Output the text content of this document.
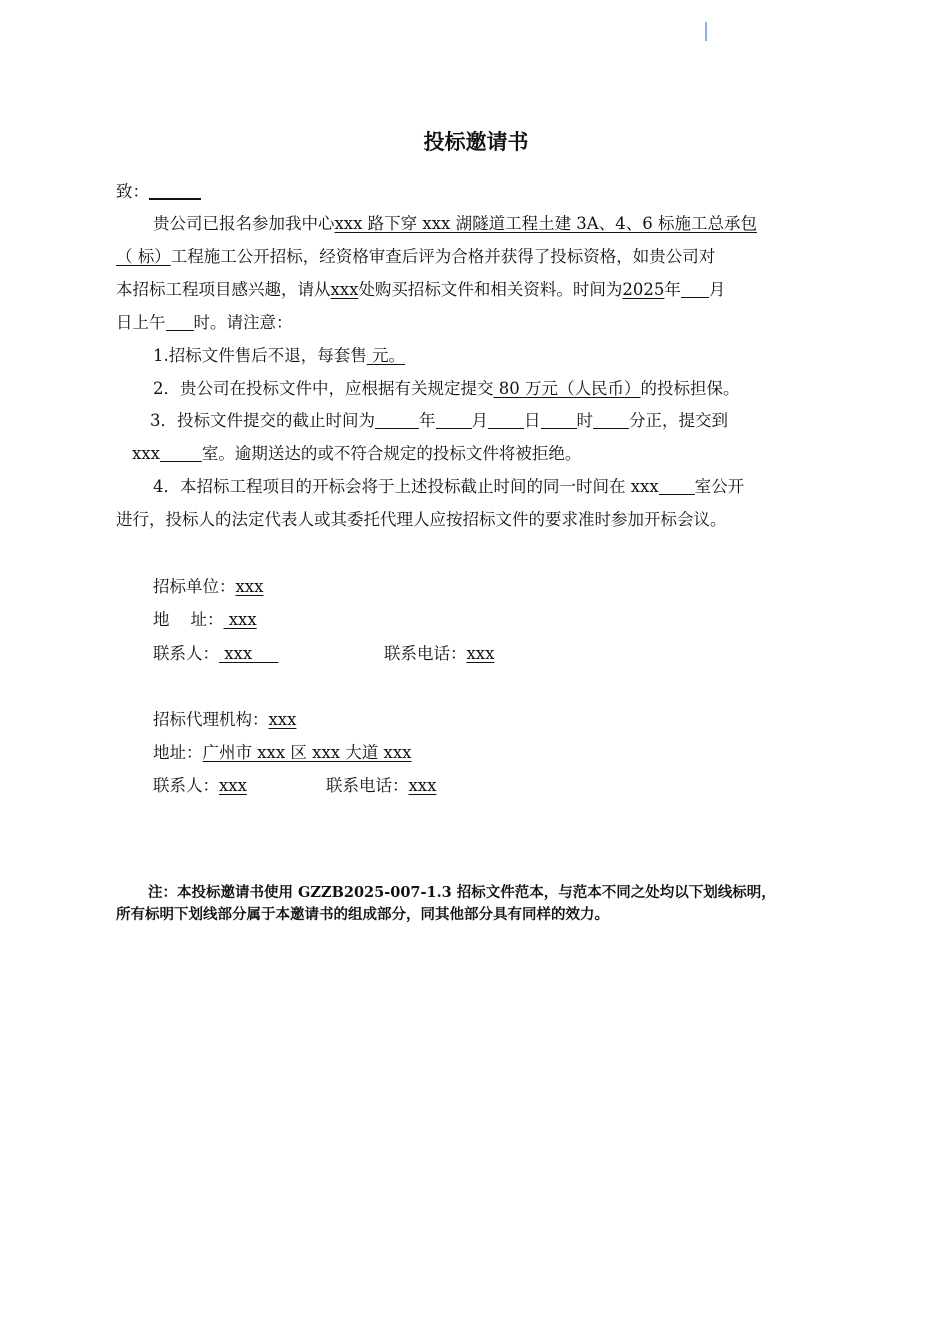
投标邀请书
致：
贵公司已报名参加我中心xxx 路下穿 xxx 湖隧道工程土建 3A、4、6 标施工总承包
（ 标）工程施工公开招标，经资格审查后评为合格并获得了投标资格，如贵公司对
本招标工程项目感兴趣，请从xxx处购买招标文件和相关资料。时间为2025年 月
日上午 时。请注意：
1.招标文件售后不退，每套售 元。
2．贵公司在投标文件中，应根据有关规定提交 80 万元（人民币）的投标担保。
3．投标文件提交的截止时间为	年 月 日 时 分正，提交到
xxx	室。逾期送达的或不符合规定的投标文件将被拒绝。
4．本招标工程项目的开标会将于上述投标截止时间的同一时间在 xxx 室公开
进行，投标人的法定代表人或其委托代理人应按招标文件的要求准时参加开标会议。
招标单位：xxx
地    址： xxx
联系人： xxx	联系电话：xxx
招标代理机构：xxx
地址：广州市 xxx 区 xxx 大道 xxx
联系人：xxx	联系电话：xxx
注：本投标邀请书使用 GZZB2025-007-1.3 招标文件范本，与范本不同之处均以下划线标明，
所有标明下划线部分属于本邀请书的组成部分，同其他部分具有同样的效力。
